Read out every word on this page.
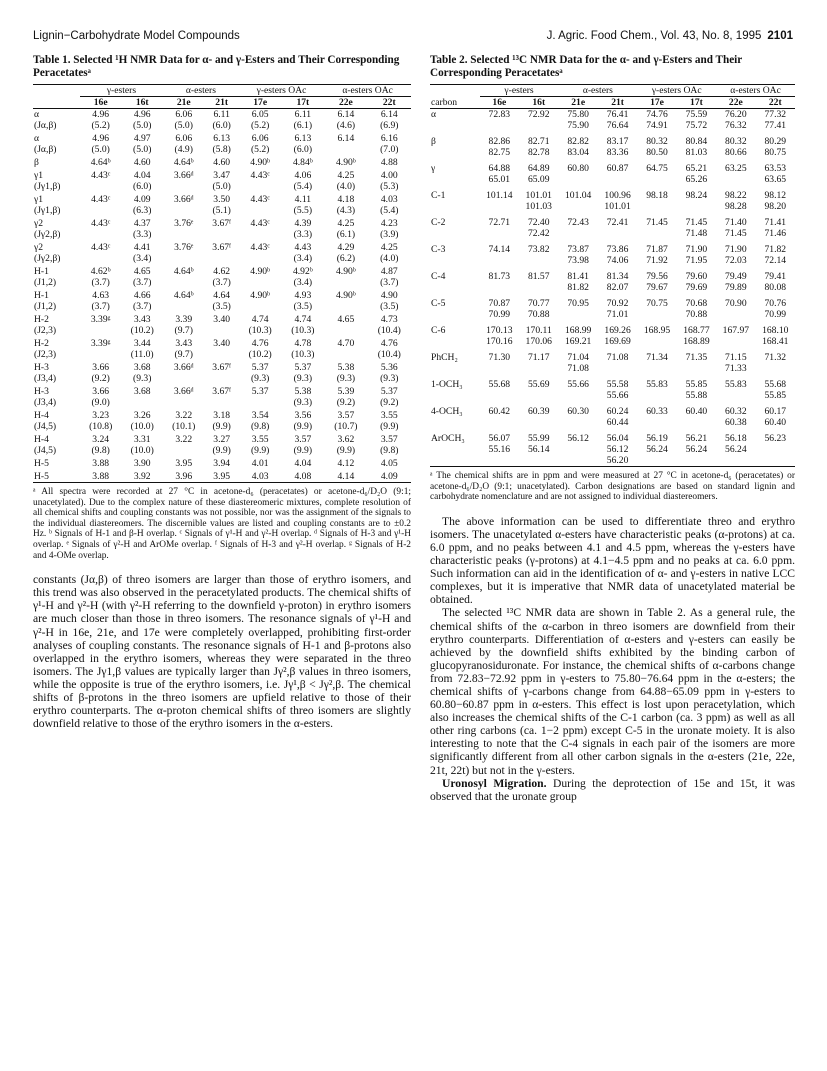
Lignin−Carbohydrate Model Compounds	J. Agric. Food Chem., Vol. 43, No. 8, 1995 2101
Table 1. Selected ¹H NMR Data for α- and γ-Esters and Their Corresponding Peracetatesᵃ
	γ-esters		α-esters		γ-esters OAc		α-esters OAc	
	16e	16t	21e	21t	17e	17t	22e	22t
α	4.96	4.96	6.06	6.11	6.05	6.11	6.14	6.14
(Jα,β)	(5.2)	(5.0)	(5.0)	(6.0)	(5.2)	(6.1)	(4.6)	(6.9)
α	4.96	4.97	6.06	6.13	6.06	6.13	6.14	6.16
(Jα,β)	(5.0)	(5.0)	(4.9)	(5.8)	(5.2)	(6.0)		(7.0)
β	4.64ᵇ	4.60	4.64ᵇ	4.60	4.90ᵇ	4.84ᵇ	4.90ᵇ	4.88
γ1	4.43ᶜ	4.04	3.66ᵈ	3.47	4.43ᶜ	4.06	4.25	4.00
(Jγ1,β)		(6.0)		(5.0)		(5.4)	(4.0)	(5.3)
γ1	4.43ᶜ	4.09	3.66ᵈ	3.50	4.43ᶜ	4.11	4.18	4.03
(Jγ1,β)		(6.3)		(5.1)		(5.5)	(4.3)	(5.4)
γ2	4.43ᶜ	4.37	3.76ᵉ	3.67ᶠ	4.43ᶜ	4.39	4.25	4.23
(Jγ2,β)		(3.3)				(3.3)	(6.1)	(3.9)
γ2	4.43ᶜ	4.41	3.76ᵉ	3.67ᶠ	4.43ᶜ	4.43	4.29	4.25
(Jγ2,β)		(3.4)				(3.4)	(6.2)	(4.0)
H-1	4.62ᵇ	4.65	4.64ᵇ	4.62	4.90ᵇ	4.92ᵇ	4.90ᵇ	4.87
(J1,2)	(3.7)	(3.7)		(3.7)		(3.4)		(3.7)
H-1	4.63	4.66	4.64ᵇ	4.64	4.90ᵇ	4.93	4.90ᵇ	4.90
(J1,2)	(3.7)	(3.7)		(3.5)		(3.5)		(3.5)
H-2	3.39ᵍ	3.43	3.39	3.40	4.74	4.74	4.65	4.73
(J2,3)		(10.2)	(9.7)		(10.3)	(10.3)		(10.4)
H-2	3.39ᵍ	3.44	3.43	3.40	4.76	4.78	4.70	4.76
(J2,3)		(11.0)	(9.7)		(10.2)	(10.3)		(10.4)
H-3	3.66	3.68	3.66ᵈ	3.67ᶠ	5.37	5.37	5.38	5.36
(J3,4)	(9.2)	(9.3)			(9.3)	(9.3)	(9.3)	(9.3)
H-3	3.66	3.68	3.66ᵈ	3.67ᶠ	5.37	5.38	5.39	5.37
(J3,4)	(9.0)					(9.3)	(9.2)	(9.2)
H-4	3.23	3.26	3.22	3.18	3.54	3.56	3.57	3.55
(J4,5)	(10.8)	(10.0)	(10.1)	(9.9)	(9.8)	(9.9)	(10.7)	(9.9)
H-4	3.24	3.31	3.22	3.27	3.55	3.57	3.62	3.57
(J4,5)	(9.8)	(10.0)		(9.9)	(9.9)	(9.9)	(9.9)	(9.8)
H-5	3.88	3.90	3.95	3.94	4.01	4.04	4.12	4.05
H-5	3.88	3.92	3.96	3.95	4.03	4.08	4.14	4.09
ᵃ All spectra were recorded at 27 °C in acetone-d₆ (peracetates) or acetone-d₆/D₂O (9:1; unacetylated). Due to the complex nature of these diastereomeric mixtures, complete resolution of all chemical shifts and coupling constants was not possible, nor was the assignment of the signals to the individual diastereomers. The discernible values are listed and coupling constants are to ±0.2 Hz. ᵇ Signals of H-1 and β-H overlap. ᶜ Signals of γ¹-H and γ²-H overlap. ᵈ Signals of H-3 and γ¹-H overlap. ᵉ Signals of γ²-H and ArOMe overlap. ᶠ Signals of H-3 and γ²-H overlap. ᵍ Signals of H-2 and 4-OMe overlap.

constants (Jα,β) of threo isomers are larger than those of erythro isomers, and this trend was also observed in the peracetylated products. The chemical shifts of γ¹-H and γ²-H (with γ²-H referring to the downfield γ-proton) in erythro isomers are much closer than those in threo isomers. The resonance signals of γ¹-H and γ²-H in 16e, 21e, and 17e were completely overlapped, prohibiting first-order analyses of coupling constants. The resonance signals of H-1 and β-protons also overlapped in the erythro isomers, whereas they were separated in the threo isomers. The Jγ1,β values are typically larger than Jγ²,β values in threo isomers, while the opposite is true of the erythro isomers, i.e. Jγ¹,β < Jγ²,β. The chemical shifts of β-protons in the threo isomers are upfield relative to those of their erythro counterparts. The α-proton chemical shifts of threo isomers are slightly downfield relative to those of the erythro isomers in the α-esters.

Table 2. Selected ¹³C NMR Data for the α- and γ-Esters and Their Corresponding Peracetatesᵃ
	γ-esters		α-esters		γ-esters OAc		α-esters OAc	
carbon	16e	16t	21e	21t	17e	17t	22e	22t
α	72.83	72.92	75.80	76.41	74.76	75.59	76.20	77.32
			75.90	76.64	74.91	75.72	76.32	77.41
β	82.86	82.71	82.82	83.17	80.32	80.84	80.32	80.29
	82.75	82.78	83.04	83.36	80.50	81.03	80.66	80.75
γ	64.88	64.89	60.80	60.87	64.75	65.21	63.25	63.53
	65.01	65.09				65.26		63.65
C-1	101.14	101.01	101.04	100.96	98.18	98.24	98.22	98.12
		101.03		101.01			98.28	98.20
C-2	72.71	72.40	72.43	72.41	71.45	71.45	71.40	71.41
		72.42				71.48	71.45	71.46
C-3	74.14	73.82	73.87	73.86	71.87	71.90	71.90	71.82
			73.98	74.06	71.92	71.95	72.03	72.14
C-4	81.73	81.57	81.41	81.34	79.56	79.60	79.49	79.41
			81.82	82.07	79.67	79.69	79.89	80.08
C-5	70.87	70.77	70.95	70.92	70.75	70.68	70.90	70.76
	70.99	70.88		71.01		70.88		70.99
C-6	170.13	170.11	168.99	169.26	168.95	168.77	167.97	168.10
	170.16	170.06	169.21	169.69		168.89		168.41
PhCH₂	71.30	71.17	71.04	71.08	71.34	71.35	71.15	71.32
			71.08				71.33	
1-OCH₃	55.68	55.69	55.66	55.58	55.83	55.85	55.83	55.68
				55.66		55.88		55.85
4-OCH₃	60.42	60.39	60.30	60.24	60.33	60.40	60.32	60.17
				60.44			60.38	60.40
ArOCH₃	56.07	55.99	56.12	56.04	56.19	56.21	56.18	56.23
	55.16	56.14		56.12	56.24	56.24	56.24	
				56.20				
ᵃ The chemical shifts are in ppm and were measured at 27 °C in acetone-d₆ (peracetates) or acetone-d₆/D₂O (9:1; unacetylated). Carbon designations are based on standard lignin and carbohydrate nomenclature and are not assigned to individual diastereomers.

The above information can be used to differentiate threo and erythro isomers. The unacetylated α-esters have characteristic peaks (α-protons) at ca. 6.0 ppm, and no peaks between 4.1 and 4.5 ppm, whereas the γ-esters have characteristic peaks (γ-protons) at 4.1−4.5 ppm and no peaks at ca. 6.0 ppm. Such information can aid in the identification of α- and γ-esters in native LCC complexes, but it is imperative that NMR data of unacetylated material be obtained.

The selected ¹³C NMR data are shown in Table 2. As a general rule, the chemical shifts of the α-carbon in threo isomers are downfield from their erythro counterparts. Differentiation of α-esters and γ-esters can easily be achieved by the downfield shifts exhibited by the binding carbon of glucopyranosiduronate. For instance, the chemical shifts of α-carbons change from 72.83−72.92 ppm in γ-esters to 75.80−76.64 ppm in the α-esters; the chemical shifts of γ-carbons change from 64.88−65.09 ppm in γ-esters to 60.80−60.87 ppm in α-esters. This effect is lost upon peracetylation, which also increases the chemical shifts of the C-1 carbon (ca. 3 ppm) as well as all other ring carbons (ca. 1−2 ppm) except C-5 in the uronate moiety. It is also interesting to note that the C-4 signals in each pair of the isomers are more significantly different from all other carbon signals in the α-esters (21e, 22e, 21t, 22t) but not in the γ-esters.

Uronosyl Migration. During the deprotection of 15e and 15t, it was observed that the uronate group
